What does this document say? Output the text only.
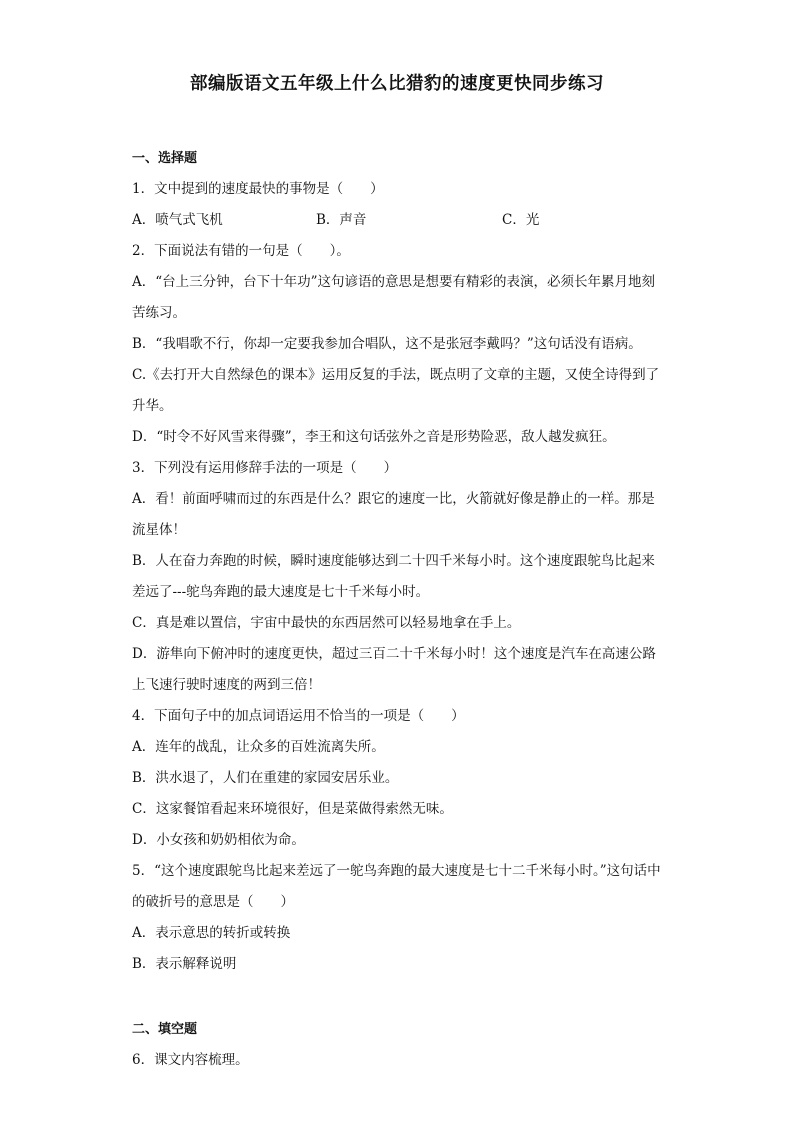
部编版语文五年级上什么比猎豹的速度更快同步练习
一、选择题
1．文中提到的速度最快的事物是（　　）
A．喷气式飞机	B．声音	C．光
2．下面说法有错的一句是（　　）。
A．“台上三分钟，台下十年功”这句谚语的意思是想要有精彩的表演，必须长年累月地刻苦练习。
B．“我唱歌不行，你却一定要我参加合唱队，这不是张冠李戴吗？”这句话没有语病。
C.《去打开大自然绿色的课本》运用反复的手法，既点明了文章的主题，又使全诗得到了升华。
D．“时令不好风雪来得骤”，李王和这句话弦外之音是形势险恶，敌人越发疯狂。
3．下列没有运用修辞手法的一项是（　　）
A．看！前面呼啸而过的东西是什么？跟它的速度一比，火箭就好像是静止的一样。那是流星体！
B．人在奋力奔跑的时候，瞬时速度能够达到二十四千米每小时。这个速度跟鸵鸟比起来差远了---鸵鸟奔跑的最大速度是七十千米每小时。
C．真是难以置信，宇宙中最快的东西居然可以轻易地拿在手上。
D．游隼向下俯冲时的速度更快，超过三百二十千米每小时！这个速度是汽车在高速公路上飞速行驶时速度的两到三倍！
4．下面句子中的加点词语运用不恰当的一项是（　　）
A．连年的战乱，让众多的百姓流离失所。
B．洪水退了，人们在重建的家园安居乐业。
C．这家餐馆看起来环境很好，但是菜做得索然无味。
D．小女孩和奶奶相依为命。
5．“这个速度跟鸵鸟比起来差远了一鸵鸟奔跑的最大速度是七十二千米每小时。”这句话中的破折号的意思是（　　）
A．表示意思的转折或转换
B．表示解释说明
二、填空题
6．课文内容梳理。
